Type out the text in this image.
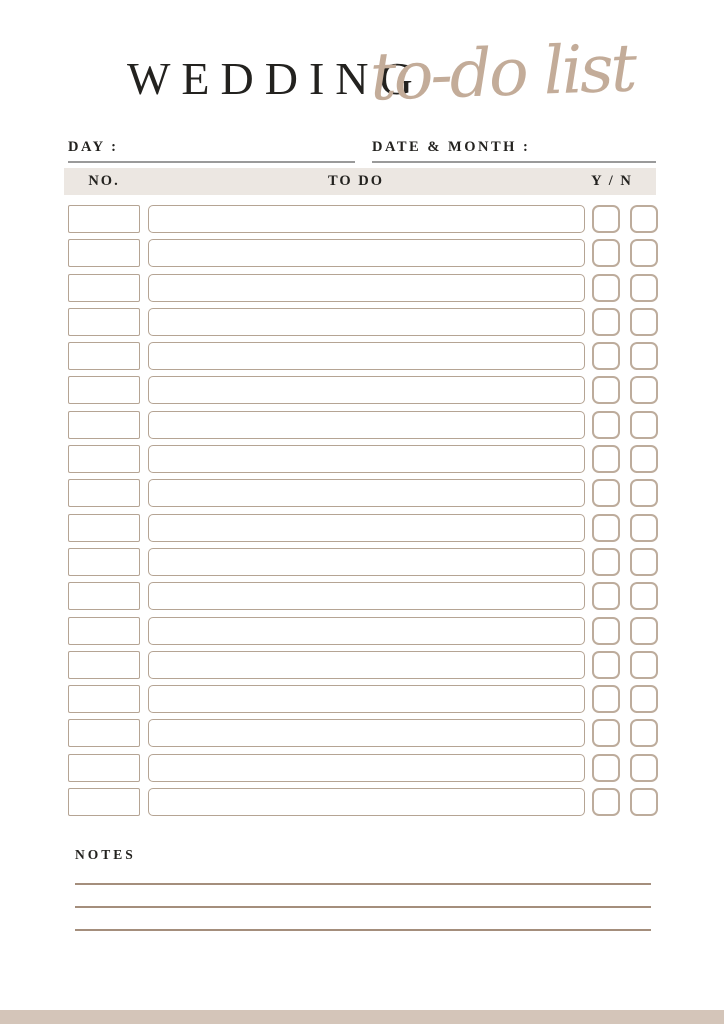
WEDDING
to-do list
DAY :	DATE & MONTH :
NO.	TO DO	Y / N
NOTES
